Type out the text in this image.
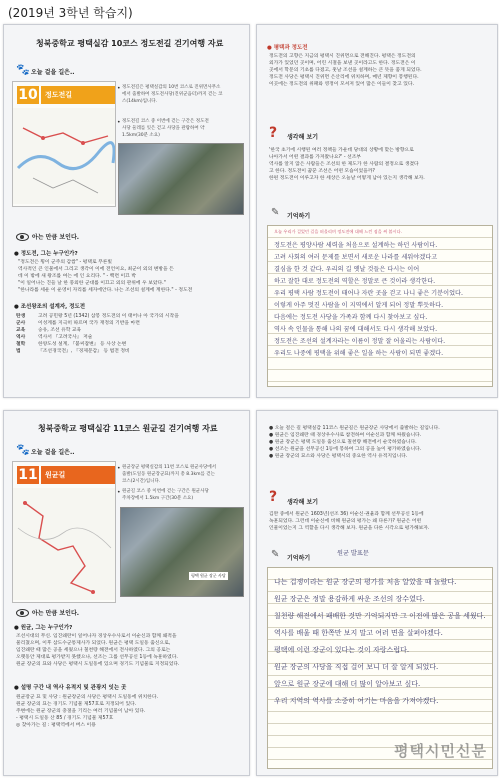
(2019년 3학년 학습지)
청북중학교 평택실감 10코스 정도전길 걷기여행 자료
🐾 오늘 걸을 길은..
10	정도전길
• 정도전길은 평택실감의 10번 코스로 진위면사무소
에서 출발하여 정도전사당(진위군읍터)까지 걷는 코
스(14km)입니다.
• 정도전길 코스 중 이번에 걷는 구간은 정도전
사당 둘레를 잇은 걷고 사당을 관람하여 약
1.5km(30분 소요)
아는 만큼 보인다.
● 정도전, 그는 누구인가?
"정도전은 횡이 군주의 감쌈" - 평택로 푸른빛
역사적인 큰 인물에서 그리고 생각이 이에 전언이요, 최군이 외의 변방을 든
데 이 밖에 새 왕조를 여는 에 인 요리다. " - 백련 이끄 박
"이 일어나는 진들 날 한 풍외한 군대를 이끄고 외의 관위에 우 보았다."
"한나라를 세운 이 운영이 자리를 세자에안다. 나는 조선의 설계에 계한다." - 정도전
● 조선왕조의 설계자, 정도전
탄생	고려 공민왕 5년 (1342) 삼봉 정도전의 이 태어나 아 국가의 시작을
군사	이성계를 지극히 따르며 국가 재정의 기반을 마련
교육	숭유, 조선 유학 교육
역사	역사서 『고려국사』 저술
철학	한양도성 설계, 『불씨잡변』 등 사상 논변
법	『조선경국전』, 『경제문감』 등 법전 정비
● 평택과 정도전
정도전의 고향은 지금의 평택시 진위면으로 전해진다. 평택은 정도전의
외가가 있었던 곳이며, 어린 시절을 보낸 곳이라고도 한다. 정도전은 이
곳에서 학문의 기초를 다졌고, 훗날 조선을 설계하는 큰 뜻을 품게 되었다.
정도전 사당은 평택시 진위면 은산리에 위치하며, 매년 제향이 봉행된다.
이곳에는 정도전의 위패와 영정이 모셔져 있어 많은 이들이 찾고 있다.
? 생각해 보기
'한국 초기에 시행된 여러 정책들 가운데 당대의 상황에 맞는 방향으로
나아가서 어떤 결과를 가져왔나요?' - 선조부
역사를 알지 않은 사람들은 조선의 한 제도가 한 사람의 결정으로 생겼다
고 한다. 정도전이 꿈꾼 조선은 어떤 모습이었을까?
한편 정도전이 이루고자 한 세상은 오늘날 어떻게 남아 있는지 생각해 보자.
✎ 기억하기
오늘 우리가 걸었던 길을 떠올리며 정도전에 대해 느낀 점을 써 봅시다.
정도전은 평양사람 세력을 처음으로 설계하는 하던 사람이다.
고려 사회의 여러 문제를 보면서 새로운 나라를 세워야겠다고
결심을 한 것 같다. 우리의 길 옛날 것들은 다시는 이어
하고 잘한 대로 정도전의 역할은 정말로 큰 것이라 생각한다.
우리 평택 사람 정도전이 태어나 자란 곳을 걷고 나니 좋은 기분이었다.
이렇게 아주 멋진 사람을 이 지역에서 알게 되어 정말 뿌듯하다.
다음에는 정도전 사당을 가족과 함께 다시 찾아보고 싶다.
역사 속 인물을 통해 나의 꿈에 대해서도 다시 생각해 보았다.
정도전은 조선의 설계자라는 이름이 정말 잘 어울리는 사람이다.
우리도 나중에 평택을 위해 좋은 일을 하는 사람이 되면 좋겠다.
청북중학교 평택실감 11코스 원균길 걷기여행 자료
🐾 오늘 걸을 길은..
11	원균길
• 원균장군 평택실감의 11번 코스로 원균사당에서
출발(도일동 원균장군묘)까지 총 8.3km를 걷는
코스(2시간)입니다.
• 원균길 코스 중 이번에 걷는 구간은 원균사당
주차장에서 1.5km 구간(30분 소요)
평택 원균 장군 사당
아는 만큼 보인다.
● 원균, 그는 누구인가?
조선시대의 무신. 임진왜란이 일어나자 경상우수사로서 이순신과 함께 왜적을
물리쳤으며, 이후 삼도수군통제사가 되었다. 원균은 평택 도일동 출신으로,
임진왜란 때 많은 공을 세웠으나 칠천량 해전에서 전사하였다. 그의 공로는
오랫동안 제대로 평가받지 못했으나, 선조는 그를 선무공신 1등에 녹훈하였다.
원균 장군의 묘와 사당은 평택시 도일동에 있으며 경기도 기념물로 지정되었다.
● 설명 구간 내 역사 유적지 및 관광지 잇는 곳
원균장군 묘 및 사당 : 원균장군의 사당은 평택시 도일동에 위치한다.
원균 장군의 묘는 경기도 기념물 제57호로 지정되어 있다.
주변에는 원균 장군의 충절을 기리는 여러 기념물이 남아 있다.
- 평택시 도일동 산 85 / 경기도 기념물 제57호
◎ 찾아가는 길 : 평택역에서 버스 이용
● 오늘 걸은 길 평택실감 11코스 원균길은 원균장군 사당에서 출발하는 길입니다.
● 원균은 임진왜란 때 경상우수사로 참전하여 이순신과 함께 싸웠습니다.
● 원균 장군은 평택 도일동 출신으로 칠천량 해전에서 순국하였습니다.
● 선조는 원균을 선무공신 1등에 봉하여 그의 공을 높이 평가하였습니다.
● 원균 장군의 묘소와 사당은 평택시의 중요한 역사 유적지입니다.
? 생각해 보기
김완 중에서 원균은 1603년(선조 36) 이순신·권율과 함께 선무공신 1등에
녹훈되었다. 그런데 이순신에 비해 원균의 평가는 왜 다른가? 원균은 어떤
인물이었는지 그 역할을 다시 생각해 보자. 원균을 다른 시각으로 평가해보자.
✎ 기억하기
원균 발표문
나는 겁쟁이라는 원균 장군의 평가를 처음 알았을 때 놀랐다.
원균 장군은 정말 용감하게 싸운 조선의 장수였다.
칠천량 해전에서 패배한 것만 기억되지만 그 이전에 많은 공을 세웠다.
역사를 배울 때 한쪽만 보지 말고 여러 면을 살펴야겠다.
평택에 이런 장군이 있다는 것이 자랑스럽다.
원균 장군의 사당을 직접 걸어 보니 더 잘 알게 되었다.
앞으로 원균 장군에 대해 더 많이 알아보고 싶다.
우리 지역의 역사를 소중히 여기는 마음을 가져야겠다.
평택시민신문
